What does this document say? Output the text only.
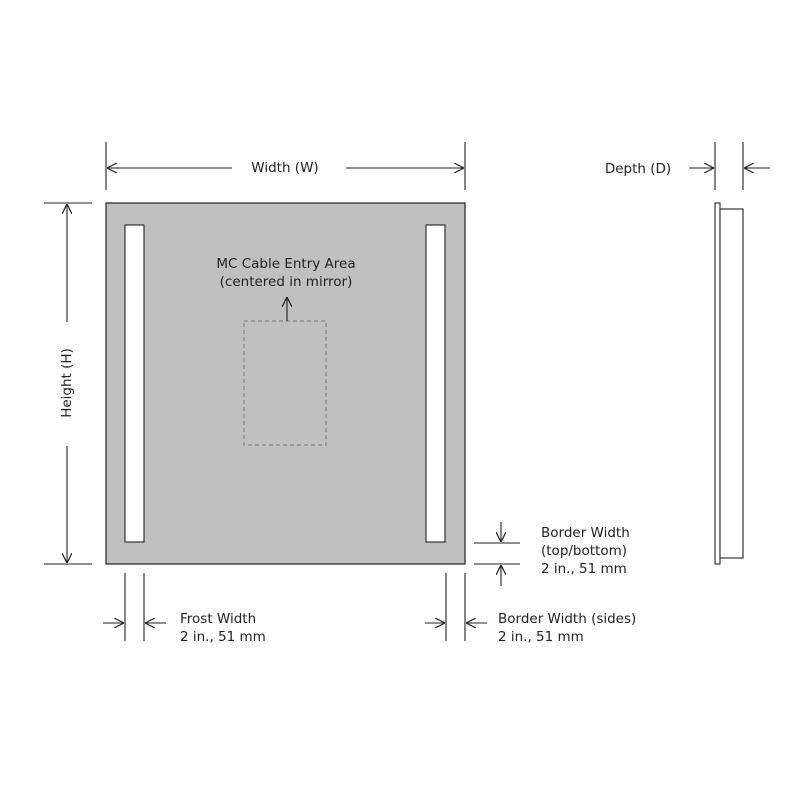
MC Cable Entry Area
(centered in mirror)
Width (W)
Height (H)
Border Width
(top/bottom)
2 in., 51 mm
Frost Width
2 in., 51 mm
Border Width (sides)
2 in., 51 mm
Depth (D)
